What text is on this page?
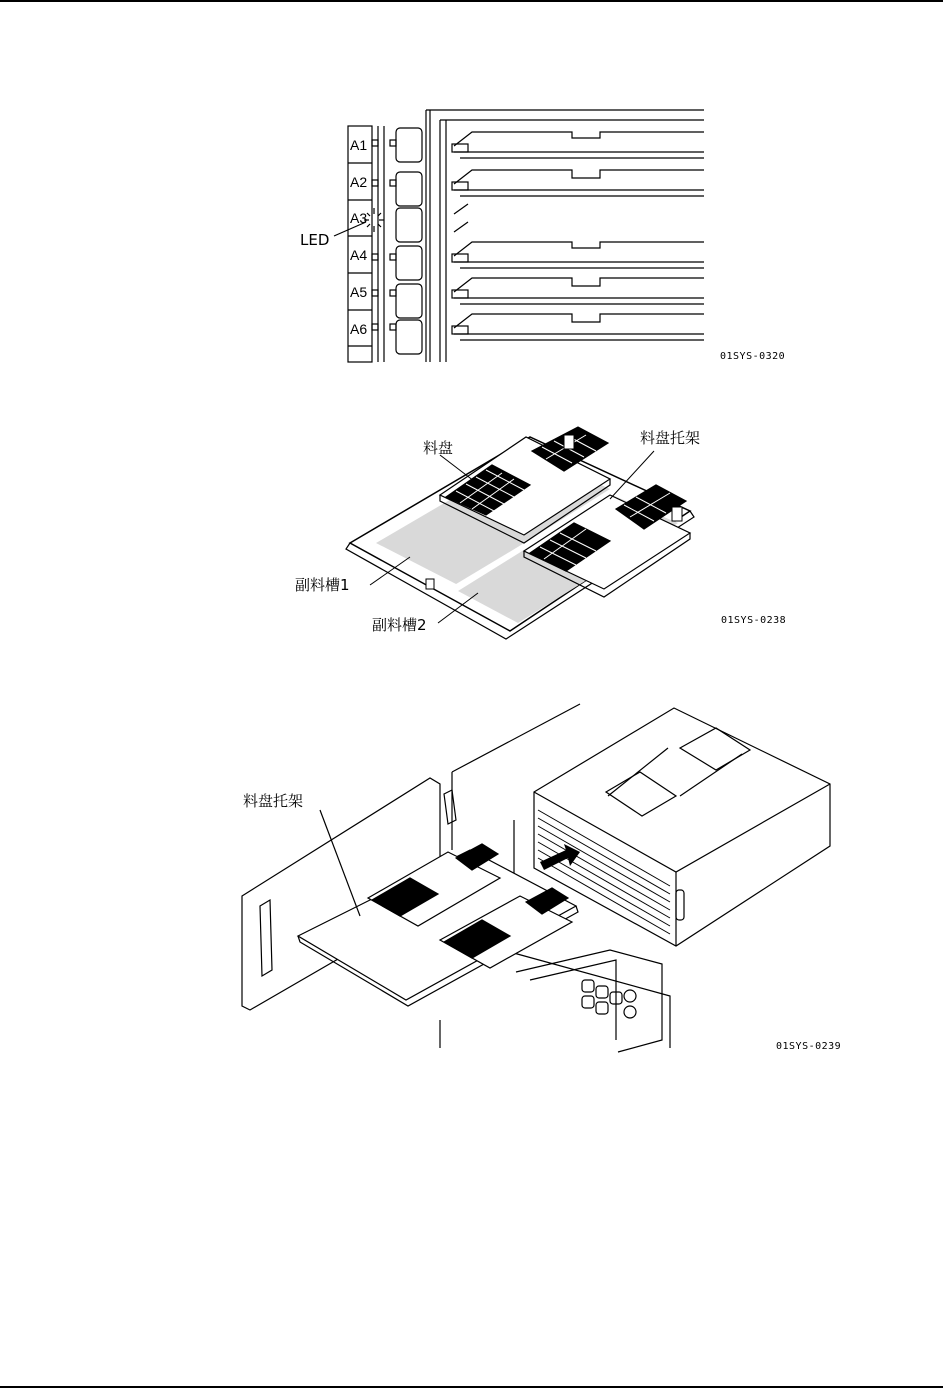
A1
A2
A3
A4
A5
A6
LED
01SYS-0320
料盘
料盘托架
副料槽1
副料槽2	01SYS-0238
料盘托架
01SYS-0239
